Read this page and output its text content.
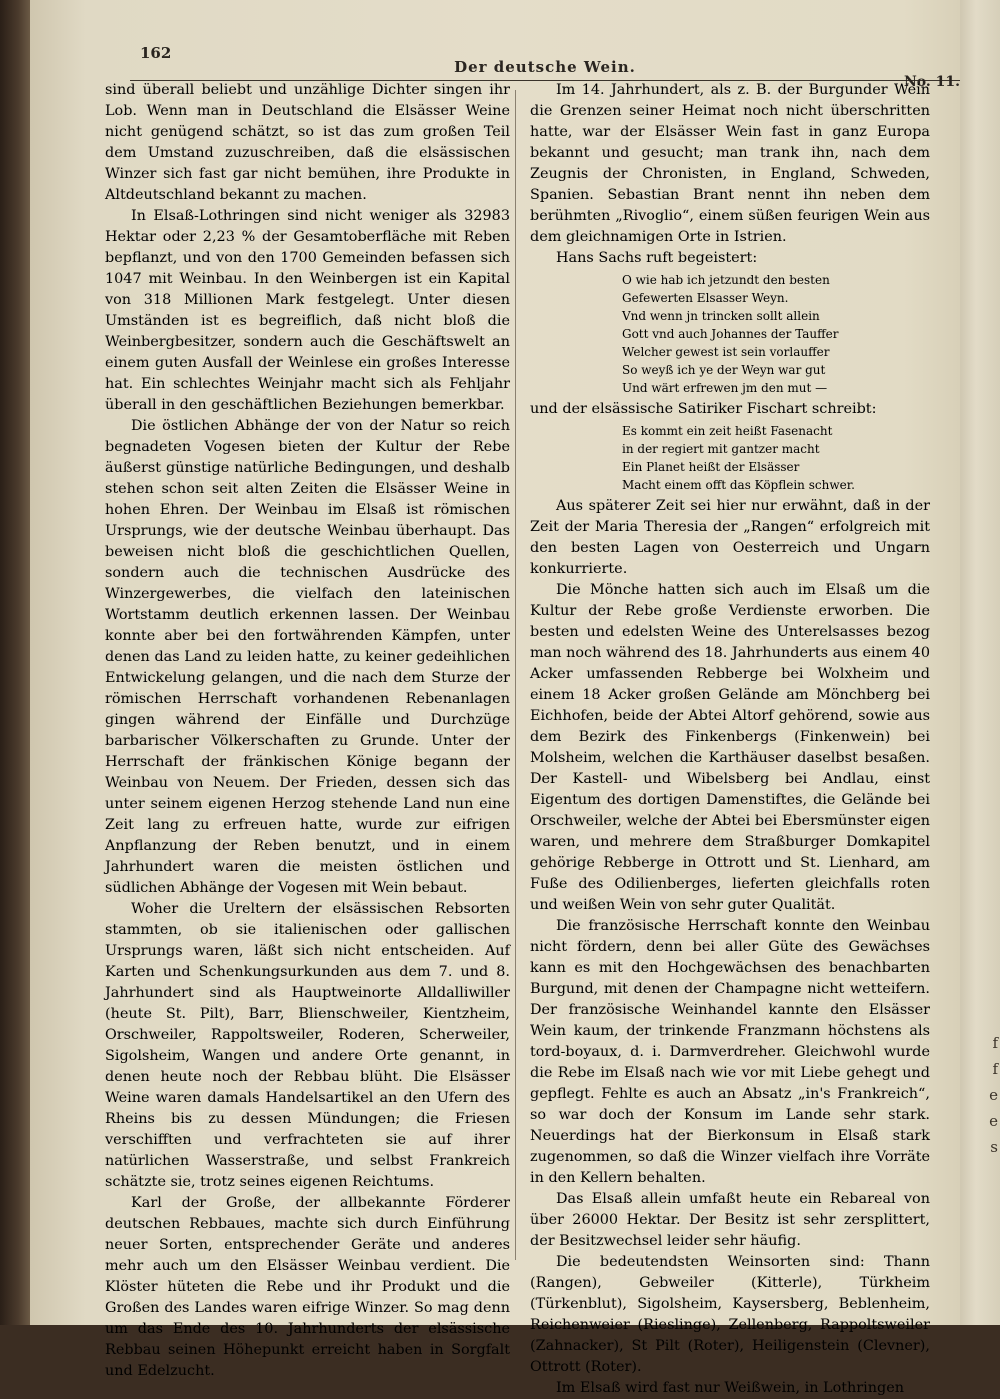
162
Der deutsche Wein.
No. 11.

sind überall beliebt und unzählige Dichter singen ihr Lob. Wenn man in Deutschland die Elsässer Weine nicht genügend schätzt, so ist das zum großen Teil dem Umstand zuzuschreiben, daß die elsässischen Winzer sich fast gar nicht bemühen, ihre Produkte in Altdeutschland bekannt zu machen.

In Elsaß-Lothringen sind nicht weniger als 32983 Hektar oder 2,23 % der Gesamtoberfläche mit Reben bepflanzt, und von den 1700 Gemeinden befassen sich 1047 mit Weinbau. In den Weinbergen ist ein Kapital von 318 Millionen Mark festgelegt. Unter diesen Umständen ist es begreiflich, daß nicht bloß die Weinbergbesitzer, sondern auch die Geschäftswelt an einem guten Ausfall der Weinlese ein großes Interesse hat. Ein schlechtes Weinjahr macht sich als Fehljahr überall in den geschäftlichen Beziehungen bemerkbar.

Die östlichen Abhänge der von der Natur so reich begnadeten Vogesen bieten der Kultur der Rebe äußerst günstige natürliche Bedingungen, und deshalb stehen schon seit alten Zeiten die Elsässer Weine in hohen Ehren. Der Weinbau im Elsaß ist römischen Ursprungs, wie der deutsche Weinbau überhaupt. Das beweisen nicht bloß die geschichtlichen Quellen, sondern auch die technischen Ausdrücke des Winzergewerbes, die vielfach den lateinischen Wortstamm deutlich erkennen lassen. Der Weinbau konnte aber bei den fortwährenden Kämpfen, unter denen das Land zu leiden hatte, zu keiner gedeihlichen Entwickelung gelangen, und die nach dem Sturze der römischen Herrschaft vorhandenen Rebenanlagen gingen während der Einfälle und Durchzüge barbarischer Völkerschaften zu Grunde. Unter der Herrschaft der fränkischen Könige begann der Weinbau von Neuem. Der Frieden, dessen sich das unter seinem eigenen Herzog stehende Land nun eine Zeit lang zu erfreuen hatte, wurde zur eifrigen Anpflanzung der Reben benutzt, und in einem Jahrhundert waren die meisten östlichen und südlichen Abhänge der Vogesen mit Wein bebaut.

Woher die Ureltern der elsässischen Rebsorten stammten, ob sie italienischen oder gallischen Ursprungs waren, läßt sich nicht entscheiden. Auf Karten und Schenkungsurkunden aus dem 7. und 8. Jahrhundert sind als Hauptweinorte Alldalliwiller (heute St. Pilt), Barr, Blienschweiler, Kientzheim, Orschweiler, Rappoltsweiler, Roderen, Scherweiler, Sigolsheim, Wangen und andere Orte genannt, in denen heute noch der Rebbau blüht. Die Elsässer Weine waren damals Handelsartikel an den Ufern des Rheins bis zu dessen Mündungen; die Friesen verschifften und verfrachteten sie auf ihrer natürlichen Wasserstraße, und selbst Frankreich schätzte sie, trotz seines eigenen Reichtums.

Karl der Große, der allbekannte Förderer deutschen Rebbaues, machte sich durch Einführung neuer Sorten, entsprechender Geräte und anderes mehr auch um den Elsässer Weinbau verdient. Die Klöster hüteten die Rebe und ihr Produkt und die Großen des Landes waren eifrige Winzer. So mag denn um das Ende des 10. Jahrhunderts der elsässische Rebbau seinen Höhepunkt erreicht haben in Sorgfalt und Edelzucht.

Im 14. Jahrhundert, als z. B. der Burgunder Wein die Grenzen seiner Heimat noch nicht überschritten hatte, war der Elsässer Wein fast in ganz Europa bekannt und gesucht; man trank ihn, nach dem Zeugnis der Chronisten, in England, Schweden, Spanien. Sebastian Brant nennt ihn neben dem berühmten „Rivoglio“, einem süßen feurigen Wein aus dem gleichnamigen Orte in Istrien.

Hans Sachs ruft begeistert:

O wie hab ich jetzundt den besten
Gefewerten Elsasser Weyn.
Vnd wenn jn trincken sollt allein
Gott vnd auch Johannes der Tauffer
Welcher gewest ist sein vorlauffer
So weyß ich ye der Weyn war gut
Und wärt erfrewen jm den mut —

und der elsässische Satiriker Fischart schreibt:

Es kommt ein zeit heißt Fasenacht
in der regiert mit gantzer macht
Ein Planet heißt der Elsässer
Macht einem offt das Köpflein schwer.

Aus späterer Zeit sei hier nur erwähnt, daß in der Zeit der Maria Theresia der „Rangen“ erfolgreich mit den besten Lagen von Oesterreich und Ungarn konkurrierte.

Die Mönche hatten sich auch im Elsaß um die Kultur der Rebe große Verdienste erworben. Die besten und edelsten Weine des Unterelsasses bezog man noch während des 18. Jahrhunderts aus einem 40 Acker umfassenden Rebberge bei Wolxheim und einem 18 Acker großen Gelände am Mönchberg bei Eichhofen, beide der Abtei Altorf gehörend, sowie aus dem Bezirk des Finkenbergs (Finkenwein) bei Molsheim, welchen die Karthäuser daselbst besaßen. Der Kastell- und Wibelsberg bei Andlau, einst Eigentum des dortigen Damenstiftes, die Gelände bei Orschweiler, welche der Abtei bei Ebersmünster eigen waren, und mehrere dem Straßburger Domkapitel gehörige Rebberge in Ottrott und St. Lienhard, am Fuße des Odilienberges, lieferten gleichfalls roten und weißen Wein von sehr guter Qualität.

Die französische Herrschaft konnte den Weinbau nicht fördern, denn bei aller Güte des Gewächses kann es mit den Hochgewächsen des benachbarten Burgund, mit denen der Champagne nicht wetteifern. Der französische Weinhandel kannte den Elsässer Wein kaum, der trinkende Franzmann höchstens als tord-boyaux, d. i. Darmverdreher. Gleichwohl wurde die Rebe im Elsaß nach wie vor mit Liebe gehegt und gepflegt. Fehlte es auch an Absatz „in's Frankreich“, so war doch der Konsum im Lande sehr stark. Neuerdings hat der Bierkonsum in Elsaß stark zugenommen, so daß die Winzer vielfach ihre Vorräte in den Kellern behalten.

Das Elsaß allein umfaßt heute ein Rebareal von über 26000 Hektar. Der Besitz ist sehr zersplittert, der Besitzwechsel leider sehr häufig.

Die bedeutendsten Weinsorten sind: Thann (Rangen), Gebweiler (Kitterle), Türkheim (Türkenblut), Sigolsheim, Kaysersberg, Beblenheim, Reichenweier (Rieslinge), Zellenberg, Rappoltsweiler (Zahnacker), St Pilt (Roter), Heiligenstein (Clevner), Ottrott (Roter).

Im Elsaß wird fast nur Weißwein, in Lothringen

f
f
e
e
s
